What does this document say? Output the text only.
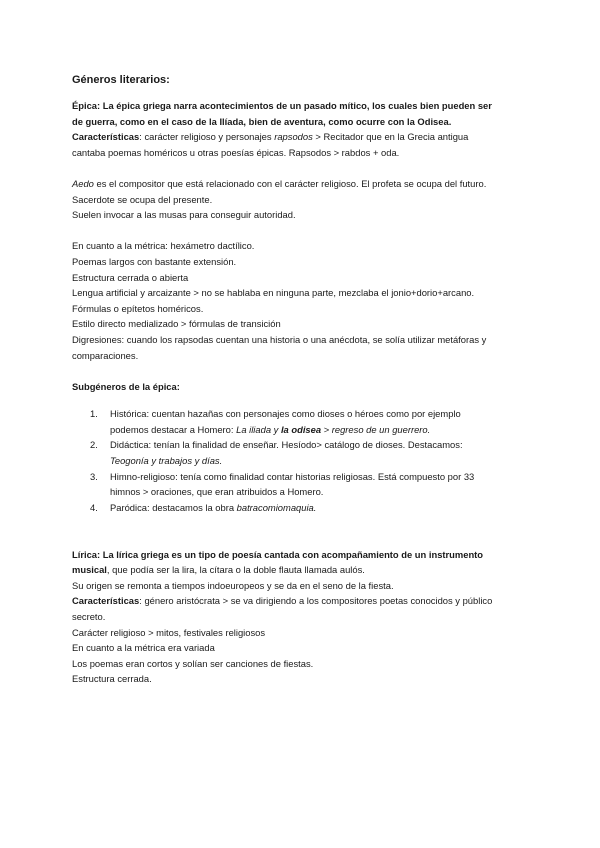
Géneros literarios:

Épica: La épica griega narra acontecimientos de un pasado mítico, los cuales bien pueden ser de guerra, como en el caso de la Ilíada, bien de aventura, como ocurre con la Odisea.

Características: carácter religioso y personajes rapsodos > Recitador que en la Grecia antigua cantaba poemas homéricos u otras poesías épicas. Rapsodos > rabdos + oda.

Aedo es el compositor que está relacionado con el carácter religioso. El profeta se ocupa del futuro. Sacerdote se ocupa del presente.

Suelen invocar a las musas para conseguir autoridad.

En cuanto a la métrica: hexámetro dactílico.

Poemas largos con bastante extensión.

Estructura cerrada o abierta

Lengua artificial y arcaizante > no se hablaba en ninguna parte, mezclaba el jonio+dorio+arcano.

Fórmulas o epítetos homéricos.

Estilo directo medializado > fórmulas de transición

Digresiones: cuando los rapsodas cuentan una historia o una anécdota, se solía utilizar metáforas y comparaciones.

Subgéneros de la épica:

1. Histórica: cuentan hazañas con personajes como dioses o héroes como por ejemplo podemos destacar a Homero: La iliada y la odisea > regreso de un guerrero.
2. Didáctica: tenían la finalidad de enseñar. Hesíodo> catálogo de dioses. Destacamos: Teogonía y trabajos y días.
3. Himno-religioso: tenía como finalidad contar historias religiosas. Está compuesto por 33 himnos > oraciones, que eran atribuidos a Homero.
4. Paródica: destacamos la obra batracomiomaquia.

Lírica: La lírica griega es un tipo de poesía cantada con acompañamiento de un instrumento musical, que podía ser la lira, la cítara o la doble flauta llamada aulós.

Su origen se remonta a tiempos indoeuropeos y se da en el seno de la fiesta.

Características: género aristócrata > se va dirigiendo a los compositores poetas conocidos y público secreto.

Carácter religioso > mitos, festivales religiosos

En cuanto a la métrica era variada

Los poemas eran cortos y solían ser canciones de fiestas.

Estructura cerrada.
